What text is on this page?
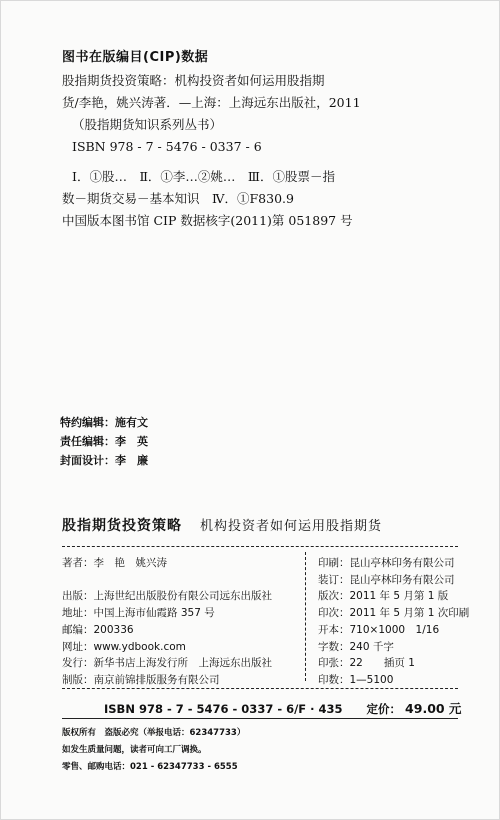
图书在版编目(CIP)数据
股指期货投资策略：机构投资者如何运用股指期
货/李艳，姚兴涛著．—上海：上海远东出版社，2011
（股指期货知识系列丛书）
ISBN 978 - 7 - 5476 - 0337 - 6
Ⅰ．①股…　Ⅱ．①李…②姚…　Ⅲ．①股票－指
数－期货交易－基本知识　Ⅳ．①F830.9
中国版本图书馆 CIP 数据核字(2011)第 051897 号
特约编辑：施有文
责任编辑：李　英
封面设计：李　廉
股指期货投资策略 机构投资者如何运用股指期货
著者：李　艳　姚兴涛
出版：上海世纪出版股份有限公司远东出版社
地址：中国上海市仙霞路 357 号
邮编：200336
网址：www.ydbook.com
发行：新华书店上海发行所　上海远东出版社
制版：南京前锦排版服务有限公司
印刷：昆山亭林印务有限公司
装订：昆山亭林印务有限公司
版次：2011 年 5 月第 1 版
印次：2011 年 5 月第 1 次印刷
开本：710×1000　1/16
字数：240 千字
印张：22　　插页 1
印数：1—5100
ISBN 978 - 7 - 5476 - 0337 - 6/F · 435 定价： 49.00 元
版权所有　盗版必究（举报电话：62347733）
如发生质量问题，读者可向工厂调换。
零售、邮购电话：021 - 62347733 - 6555
